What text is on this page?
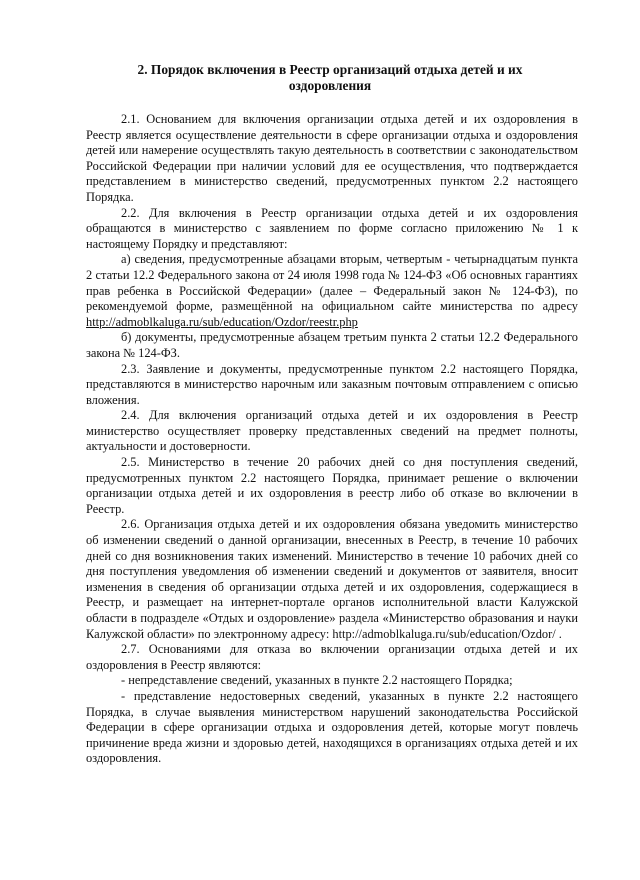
2. Порядок включения в Реестр организаций отдыха детей и их оздоровления

2.1. Основанием для включения организации отдыха детей и их оздоровления в Реестр является осуществление деятельности в сфере организации отдыха и оздоровления детей или намерение осуществлять такую деятельность в соответствии с законодательством Российской Федерации при наличии условий для ее осуществления, что подтверждается представлением в министерство сведений, предусмотренных пунктом 2.2 настоящего Порядка.

2.2. Для включения в Реестр организации отдыха детей и их оздоровления обращаются в министерство с заявлением по форме согласно приложению № 1 к настоящему Порядку и представляют:

а) сведения, предусмотренные абзацами вторым, четвертым - четырнадцатым пункта 2 статьи 12.2 Федерального закона от 24 июля 1998 года № 124-ФЗ «Об основных гарантиях прав ребенка в Российской Федерации» (далее – Федеральный закон № 124-ФЗ), по рекомендуемой форме, размещённой на официальном сайте министерства по адресу http://admoblkaluga.ru/sub/education/Ozdor/reestr.php

б) документы, предусмотренные абзацем третьим пункта 2 статьи 12.2 Федерального закона № 124-ФЗ.

2.3. Заявление и документы, предусмотренные пунктом 2.2 настоящего Порядка, представляются в министерство нарочным или заказным почтовым отправлением с описью вложения.

2.4. Для включения организаций отдыха детей и их оздоровления в Реестр министерство осуществляет проверку представленных сведений на предмет полноты, актуальности и достоверности.

2.5. Министерство в течение 20 рабочих дней со дня поступления сведений, предусмотренных пунктом 2.2 настоящего Порядка, принимает решение о включении организации отдыха детей и их оздоровления в реестр либо об отказе во включении в Реестр.

2.6. Организация отдыха детей и их оздоровления обязана уведомить министерство об изменении сведений о данной организации, внесенных в Реестр, в течение 10 рабочих дней со дня возникновения таких изменений. Министерство в течение 10 рабочих дней со дня поступления уведомления об изменении сведений и документов от заявителя, вносит изменения в сведения об организации отдыха детей и их оздоровления, содержащиеся в Реестр, и размещает на интернет-портале органов исполнительной власти Калужской области в подразделе «Отдых и оздоровление» раздела «Министерство образования и науки Калужской области» по электронному адресу: http://admoblkaluga.ru/sub/education/Ozdor/ .

2.7. Основаниями для отказа во включении организации отдыха детей и их оздоровления в Реестр являются:

- непредставление сведений, указанных в пункте 2.2 настоящего Порядка;

- представление недостоверных сведений, указанных в пункте 2.2 настоящего Порядка, в случае выявления министерством нарушений законодательства Российской Федерации в сфере организации отдыха и оздоровления детей, которые могут повлечь причинение вреда жизни и здоровью детей, находящихся в организациях отдыха детей и их оздоровления.
